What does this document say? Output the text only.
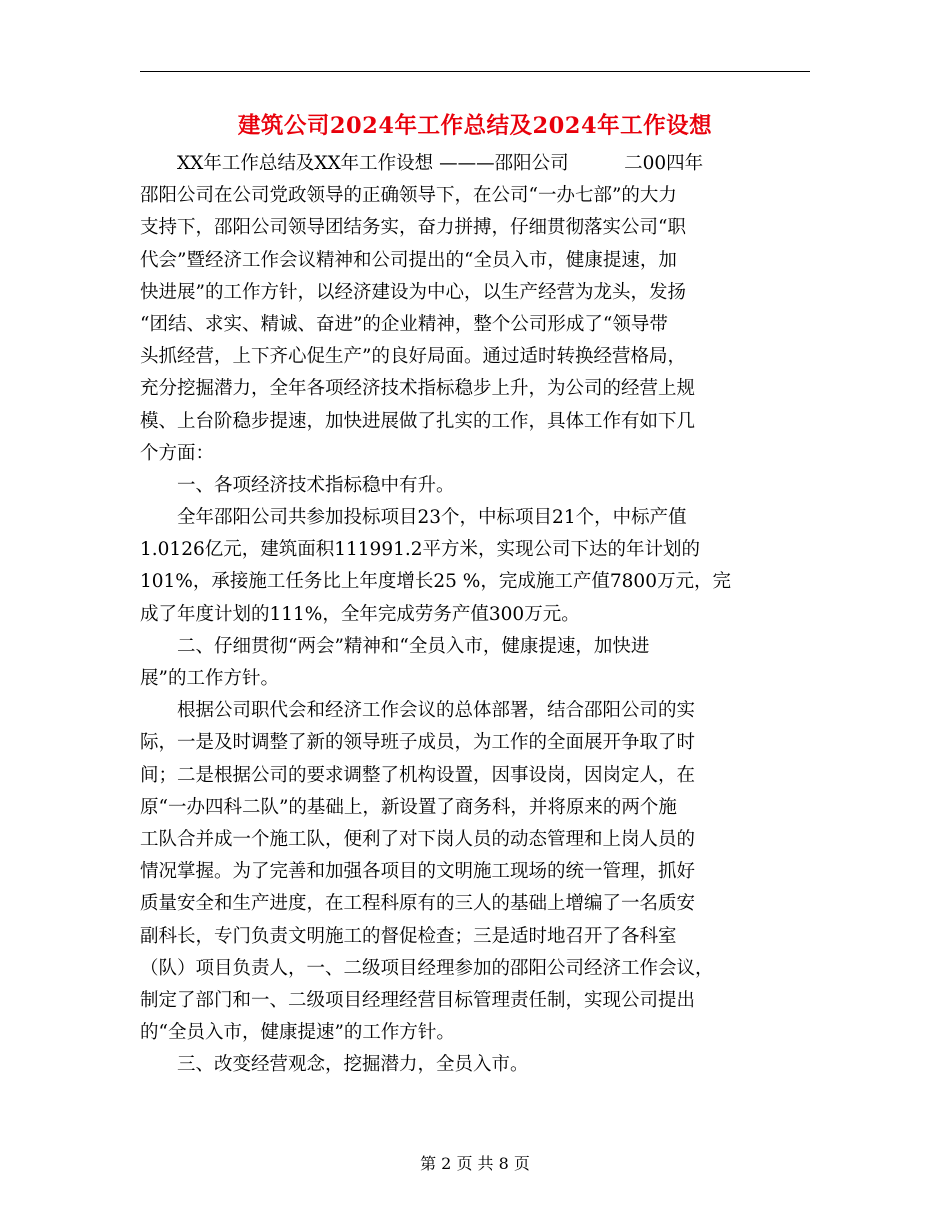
建筑公司2024年工作总结及2024年工作设想
　　XX年工作总结及XX年工作设想 ———邵阳公司　　　二00四年
邵阳公司在公司党政领导的正确领导下，在公司“一办七部”的大力
支持下，邵阳公司领导团结务实，奋力拼搏，仔细贯彻落实公司“职
代会”暨经济工作会议精神和公司提出的“全员入市，健康提速，加
快进展”的工作方针，以经济建设为中心，以生产经营为龙头，发扬
“团结、求实、精诚、奋进”的企业精神，整个公司形成了“领导带
头抓经营，上下齐心促生产”的良好局面。通过适时转换经营格局，
充分挖掘潜力，全年各项经济技术指标稳步上升，为公司的经营上规
模、上台阶稳步提速，加快进展做了扎实的工作，具体工作有如下几
个方面：
　　一、各项经济技术指标稳中有升。
　　全年邵阳公司共参加投标项目23个，中标项目21个，中标产值
1.0126亿元，建筑面积111991.2平方米，实现公司下达的年计划的
101%，承接施工任务比上年度增长25 %，完成施工产值7800万元，完
成了年度计划的111%，全年完成劳务产值300万元。
　　二、仔细贯彻“两会”精神和“全员入市，健康提速，加快进
展”的工作方针。
　　根据公司职代会和经济工作会议的总体部署，结合邵阳公司的实
际，一是及时调整了新的领导班子成员，为工作的全面展开争取了时
间；二是根据公司的要求调整了机构设置，因事设岗，因岗定人，在
原“一办四科二队”的基础上，新设置了商务科，并将原来的两个施
工队合并成一个施工队，便利了对下岗人员的动态管理和上岗人员的
情况掌握。为了完善和加强各项目的文明施工现场的统一管理，抓好
质量安全和生产进度，在工程科原有的三人的基础上增编了一名质安
副科长，专门负责文明施工的督促检查；三是适时地召开了各科室
（队）项目负责人，一、二级项目经理参加的邵阳公司经济工作会议，
制定了部门和一、二级项目经理经营目标管理责任制，实现公司提出
的“全员入市，健康提速”的工作方针。
　　三、改变经营观念，挖掘潜力，全员入市。
第 2 页 共 8 页
